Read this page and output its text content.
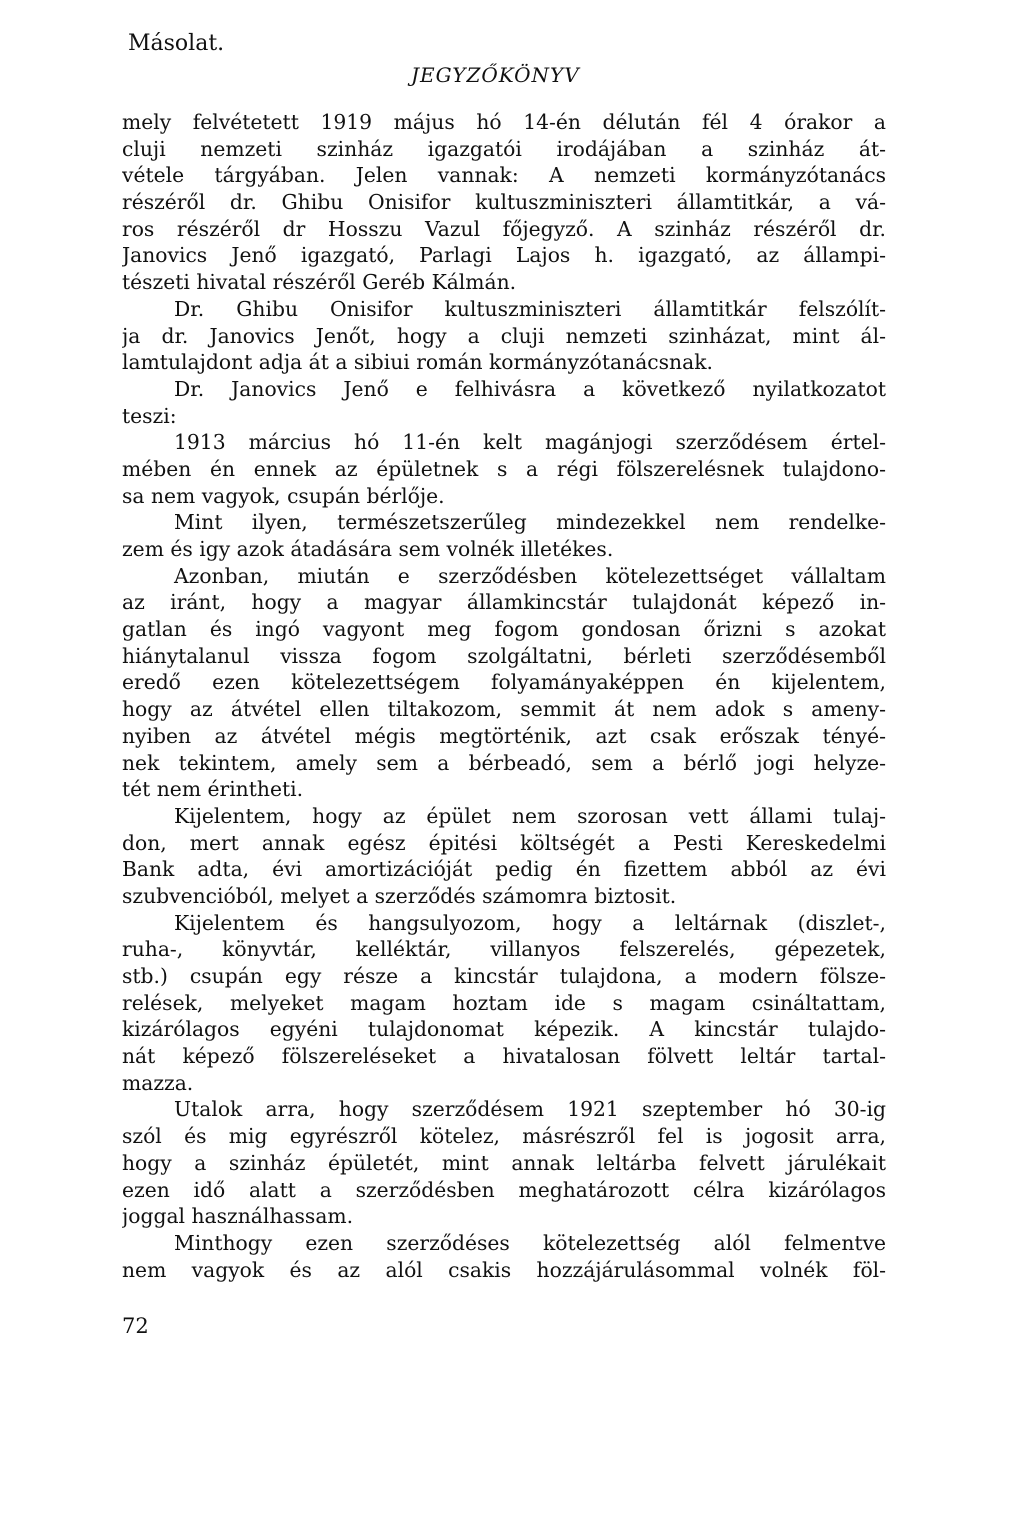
Másolat.
JEGYZŐKÖNYV
mely felvétetett 1919 május hó 14-én délután fél 4 órakor a
cluji nemzeti szinház igazgatói irodájában a szinház át-
vétele tárgyában. Jelen vannak: A nemzeti kormányzótanács
részéről dr. Ghibu Onisifor kultuszminiszteri államtitkár, a vá-
ros részéről dr Hosszu Vazul főjegyző. A szinház részéről dr.
Janovics Jenő igazgató, Parlagi Lajos h. igazgató, az állampi-
tészeti hivatal részéről Geréb Kálmán.
Dr. Ghibu Onisifor kultuszminiszteri államtitkár felszólít-
ja dr. Janovics Jenőt, hogy a cluji nemzeti szinházat, mint ál-
lamtulajdont adja át a sibiui román kormányzótanácsnak.
Dr. Janovics Jenő e felhivásra a következő nyilatkozatot
teszi:
1913 március hó 11-én kelt magánjogi szerződésem értel-
mében én ennek az épületnek s a régi fölszerelésnek tulajdono-
sa nem vagyok, csupán bérlője.
Mint ilyen, természetszerűleg mindezekkel nem rendelke-
zem és igy azok átadására sem volnék illetékes.
Azonban, miután e szerződésben kötelezettséget vállaltam
az iránt, hogy a magyar államkincstár tulajdonát képező in-
gatlan és ingó vagyont meg fogom gondosan őrizni s azokat
hiánytalanul vissza fogom szolgáltatni, bérleti szerződésemből
eredő ezen kötelezettségem folyamányaképpen én kijelentem,
hogy az átvétel ellen tiltakozom, semmit át nem adok s ameny-
nyiben az átvétel mégis megtörténik, azt csak erőszak tényé-
nek tekintem, amely sem a bérbeadó, sem a bérlő jogi helyze-
tét nem érintheti.
Kijelentem, hogy az épület nem szorosan vett állami tulaj-
don, mert annak egész épitési költségét a Pesti Kereskedelmi
Bank adta, évi amortizációját pedig én fizettem abból az évi
szubvencióból, melyet a szerződés számomra biztosit.
Kijelentem és hangsulyozom, hogy a leltárnak (diszlet-,
ruha-, könyvtár, kelléktár, villanyos felszerelés, gépezetek,
stb.) csupán egy része a kincstár tulajdona, a modern fölsze-
relések, melyeket magam hoztam ide s magam csináltattam,
kizárólagos egyéni tulajdonomat képezik. A kincstár tulajdo-
nát képező fölszereléseket a hivatalosan fölvett leltár tartal-
mazza.
Utalok arra, hogy szerződésem 1921 szeptember hó 30-ig
szól és mig egyrészről kötelez, másrészről fel is jogosit arra,
hogy a szinház épületét, mint annak leltárba felvett járulékait
ezen idő alatt a szerződésben meghatározott célra kizárólagos
joggal használhassam.
Minthogy ezen szerződéses kötelezettség alól felmentve
nem vagyok és az alól csakis hozzájárulásommal volnék föl-
72
